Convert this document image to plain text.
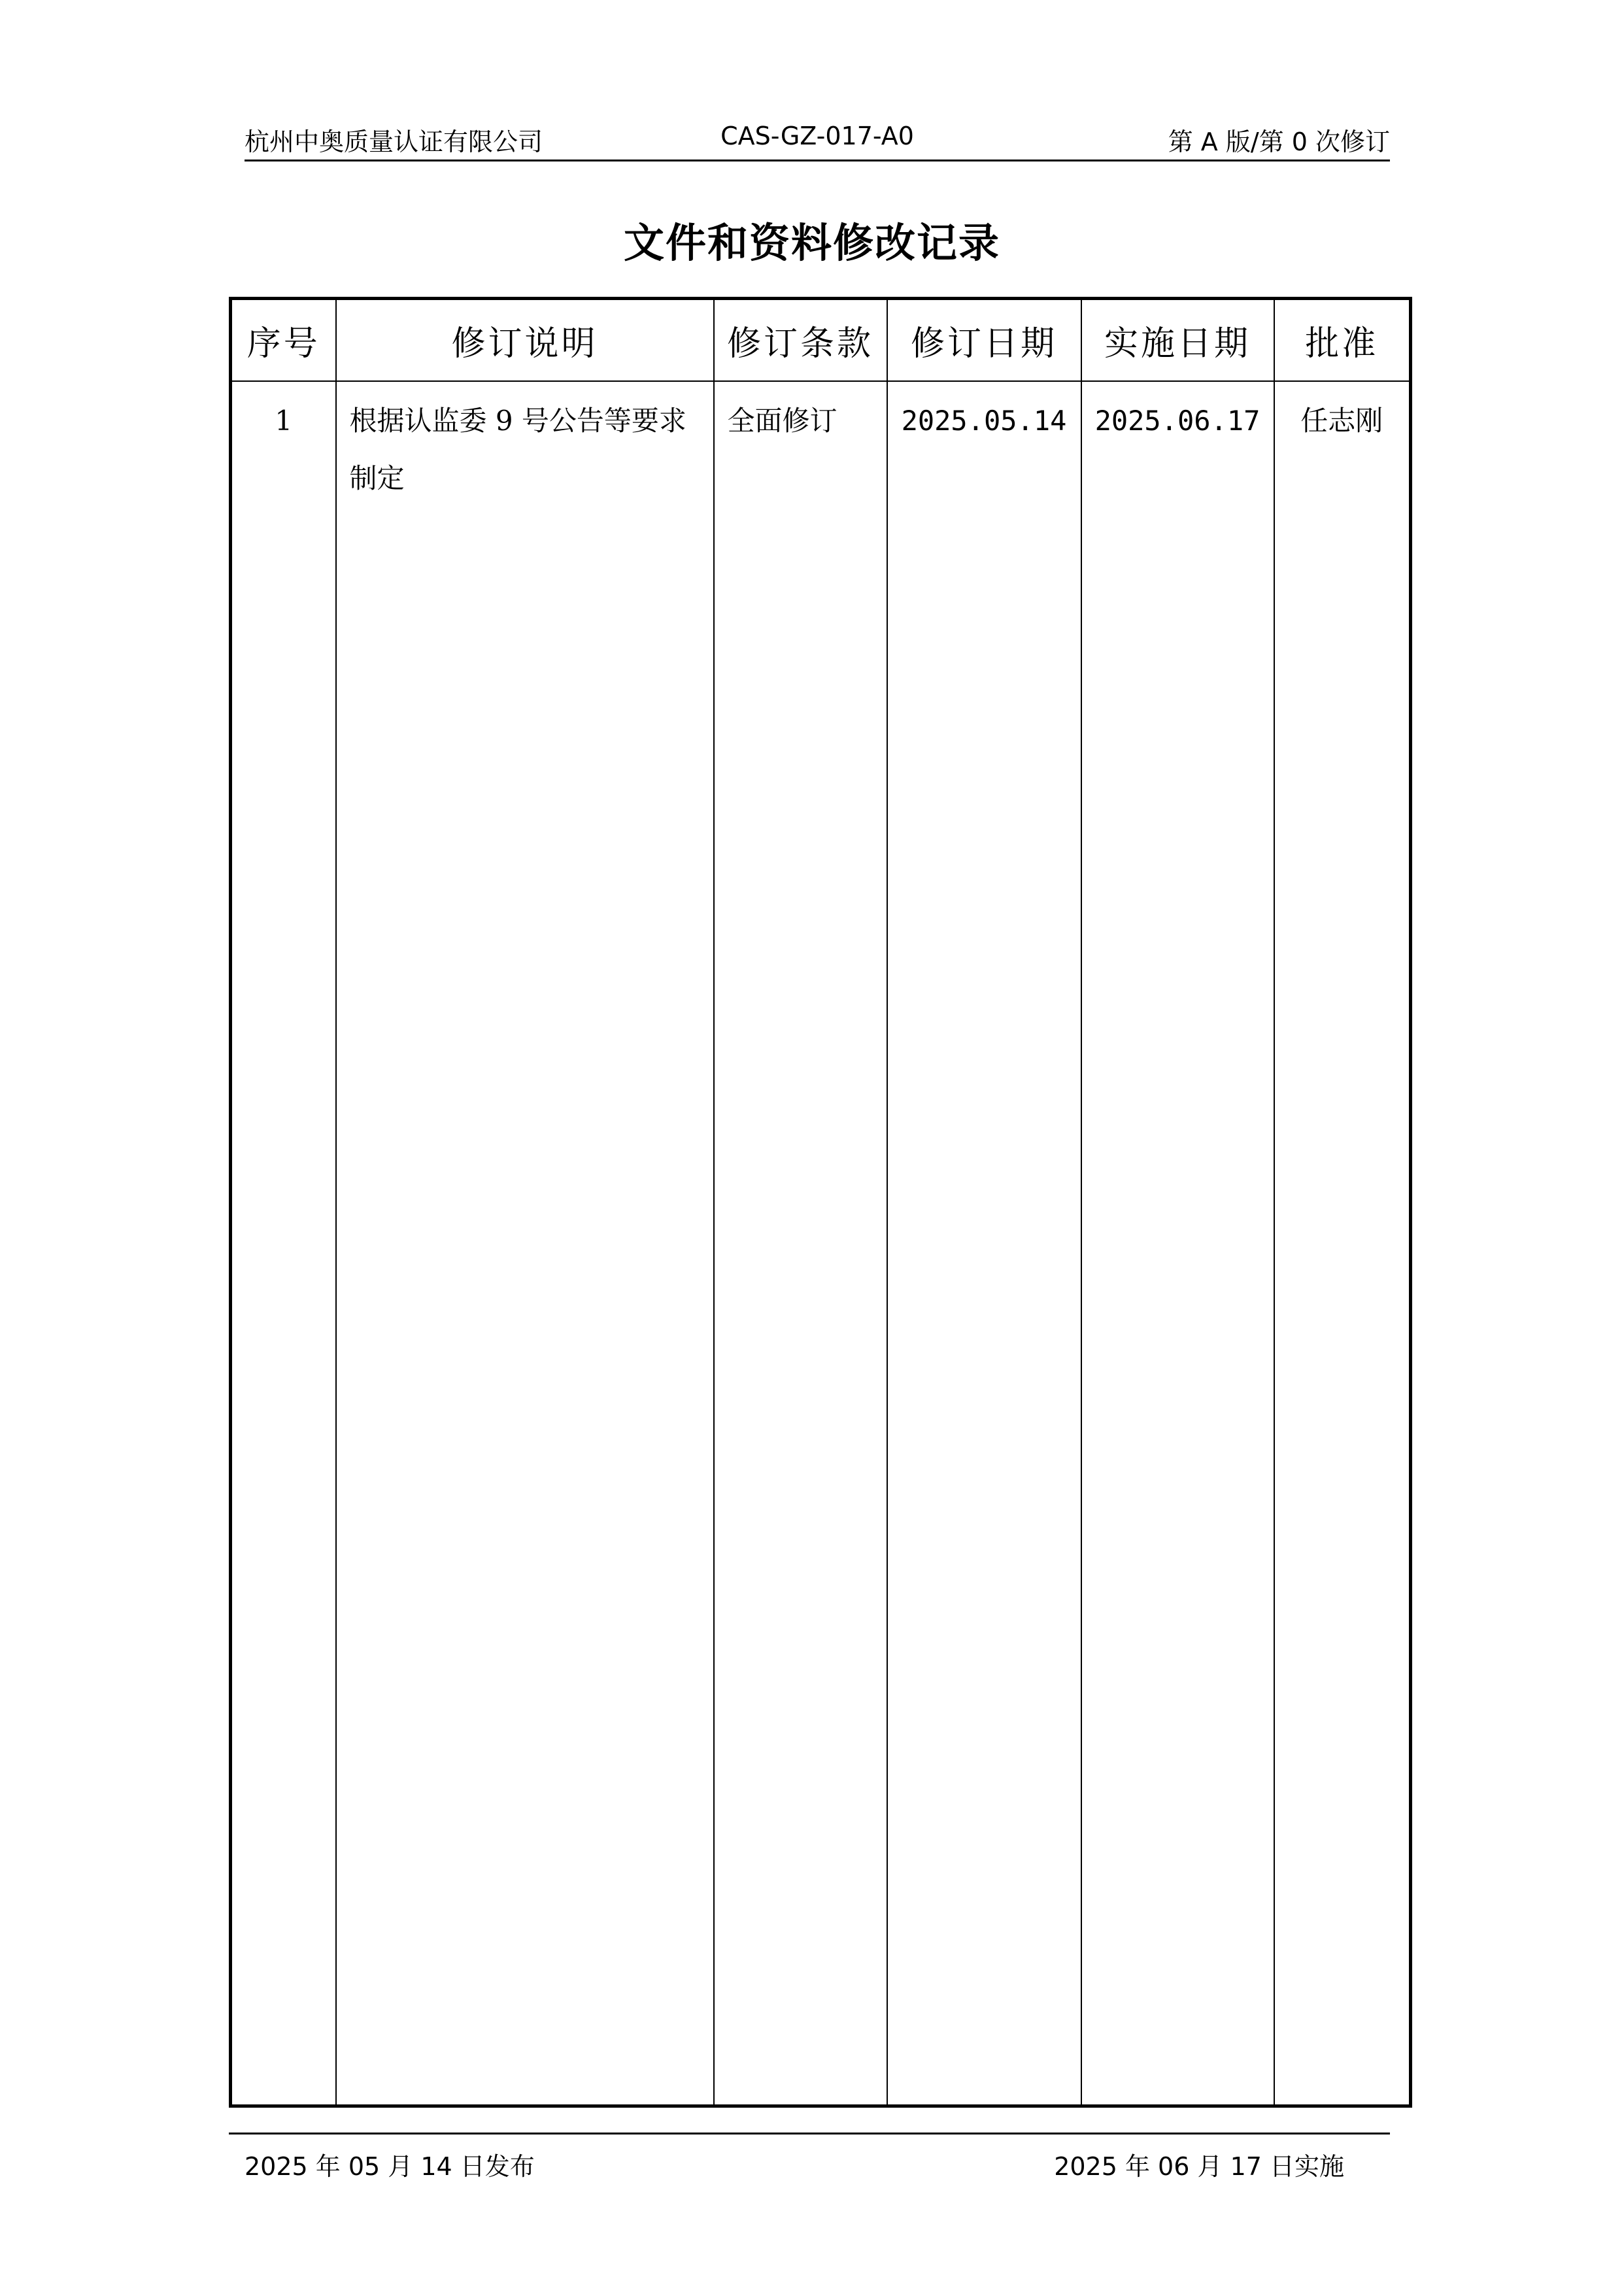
杭州中奥质量认证有限公司	CAS-GZ-017-A0	第 A 版/第 0 次修订
文件和资料修改记录
序号	修订说明	修订条款	修订日期	实施日期	批准
1	根据认监委 9 号公告等要求制定	全面修订	2025.05.14	2025.06.17	任志刚
2025 年 05 月 14 日发布	2025 年 06 月 17 日实施
